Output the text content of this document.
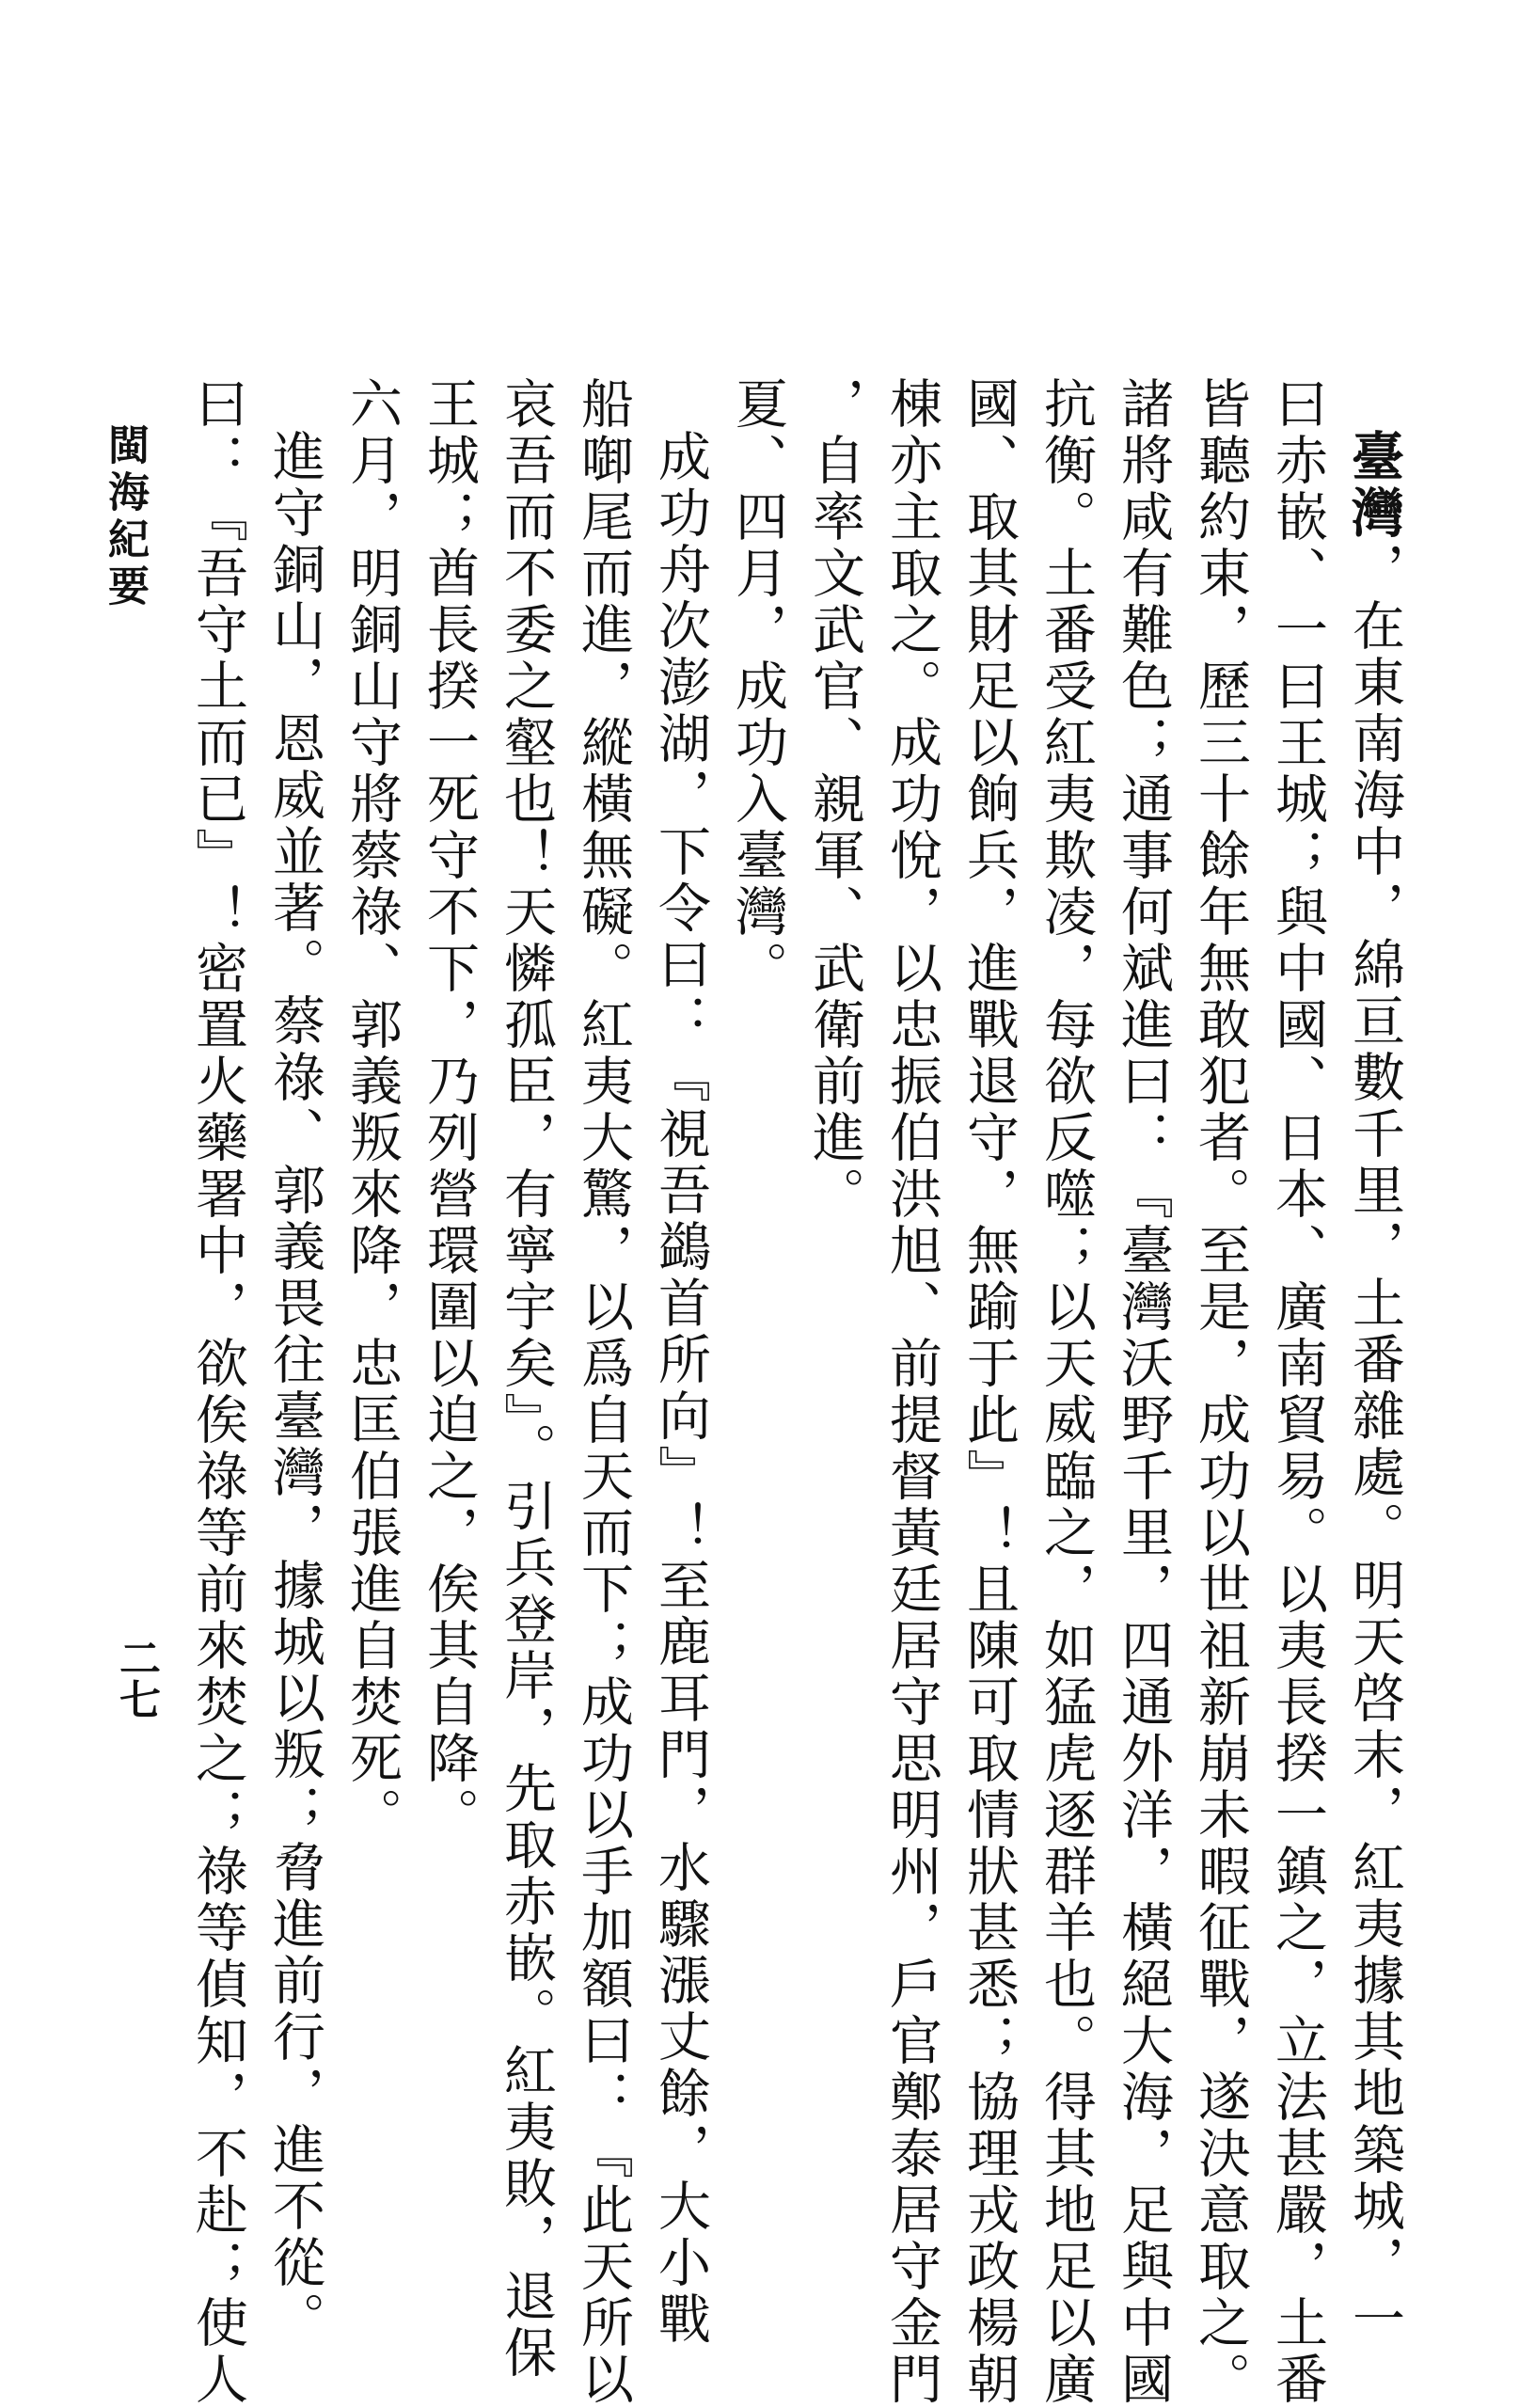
臺灣，在東南海中，綿亘數千里，土番雜處。明天啓末，紅夷據其地築城，一

曰赤嵌、一曰王城；與中國、日本、廣南貿易。以夷長揆一鎮之，立法甚嚴，土番

皆聽約束，歷三十餘年無敢犯者。至是，成功以世祖新崩未暇征戰，遂決意取之。

諸將咸有難色；通事何斌進曰：『臺灣沃野千里，四通外洋，橫絕大海，足與中國

抗衡。土番受紅夷欺凌，每欲反噬；以天威臨之，如猛虎逐群羊也。得其地足以廣

國、取其財足以餉兵，進戰退守，無踰于此』！且陳可取情狀甚悉；協理戎政楊朝

棟亦主取之。成功悅，以忠振伯洪旭、前提督黃廷居守思明州，戶官鄭泰居守金門

，自率文武官、親軍、武衛前進。

夏、四月，成功入臺灣。

成功舟次澎湖，下令曰：『視吾鷁首所向』！至鹿耳門，水驟漲丈餘，大小戰

船啣尾而進，縱橫無礙。紅夷大驚，以爲自天而下；成功以手加額曰：『此天所以

哀吾而不委之壑也！天憐孤臣，有寧宇矣』。引兵登岸，先取赤嵌。紅夷敗，退保

王城；酋長揆一死守不下，乃列營環圍以迫之，俟其自降。

六月，明銅山守將蔡祿、郭義叛來降，忠匡伯張進自焚死。

進守銅山，恩威並著。蔡祿、郭義畏往臺灣，據城以叛；脅進前行，進不從。

曰：『吾守土而已』！密置火藥署中，欲俟祿等前來焚之；祿等偵知，不赴；使人

閩海紀要
二七
